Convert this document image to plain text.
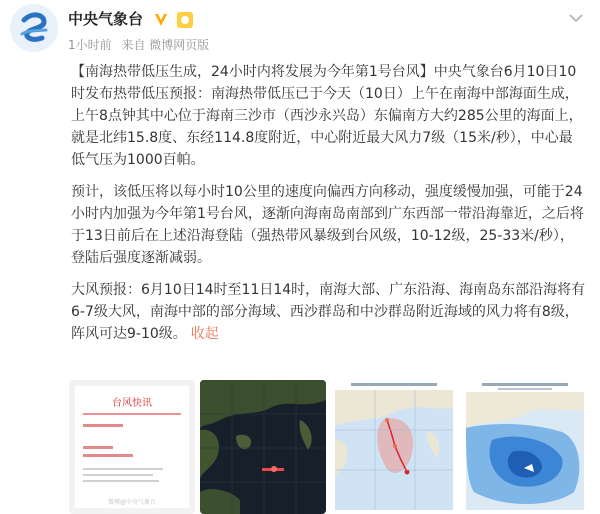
中央气象台
1小时前 来自 微博网页版

【南海热带低压生成，24小时内将发展为今年第1号台风】中央气象台6月10日10时发布热带低压预报：南海热带低压已于今天（10日）上午在南海中部海面生成，上午8点钟其中心位于海南三沙市（西沙永兴岛）东偏南方大约285公里的海面上，就是北纬15.8度、东经114.8度附近，中心附近最大风力7级（15米/秒），中心最低气压为1000百帕。

预计，该低压将以每小时10公里的速度向偏西方向移动，强度缓慢加强，可能于24小时内加强为今年第1号台风，逐渐向海南岛南部到广东西部一带沿海靠近，之后将于13日前后在上述沿海登陆（强热带风暴级到台风级，10-12级，25-33米/秒），登陆后强度逐渐减弱。

大风预报：6月10日14时至11日14时，南海大部、广东沿海、海南岛东部沿海将有6-7级大风，南海中部的部分海域、西沙群岛和中沙群岛附近海域的风力将有8级，阵风可达9-10级。 收起

台风快讯
微博@中央气象台
